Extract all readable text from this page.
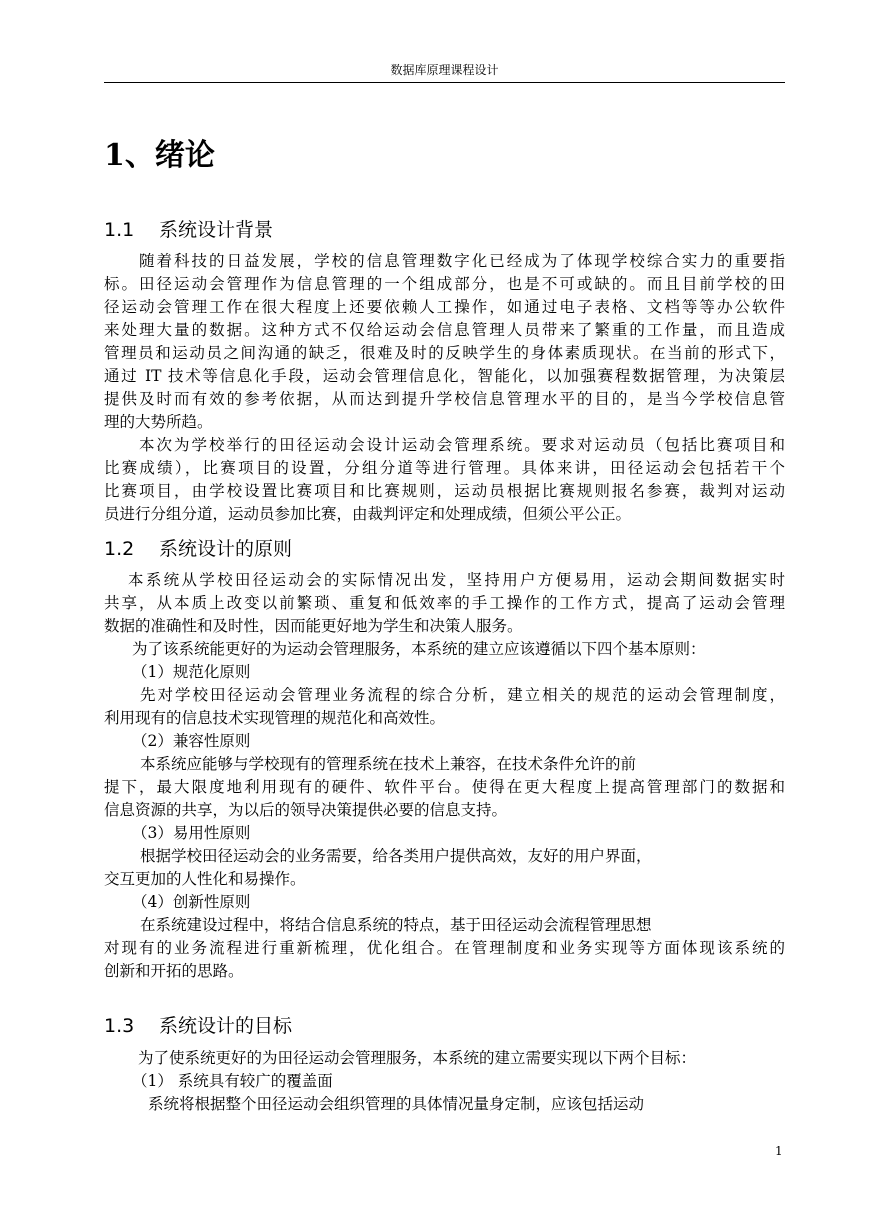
数据库原理课程设计
1、绪论
1.1 系统设计背景

随着科技的日益发展，学校的信息管理数字化已经成为了体现学校综合实力的重要指

标。田径运动会管理作为信息管理的一个组成部分，也是不可或缺的。而且目前学校的田

径运动会管理工作在很大程度上还要依赖人工操作，如通过电子表格、文档等等办公软件

来处理大量的数据。这种方式不仅给运动会信息管理人员带来了繁重的工作量，而且造成

管理员和运动员之间沟通的缺乏，很难及时的反映学生的身体素质现状。在当前的形式下，

通过 IT 技术等信息化手段，运动会管理信息化，智能化，以加强赛程数据管理，为决策层

提供及时而有效的参考依据，从而达到提升学校信息管理水平的目的，是当今学校信息管

理的大势所趋。

本次为学校举行的田径运动会设计运动会管理系统。要求对运动员（包括比赛项目和

比赛成绩），比赛项目的设置，分组分道等进行管理。具体来讲，田径运动会包括若干个

比赛项目，由学校设置比赛项目和比赛规则，运动员根据比赛规则报名参赛，裁判对运动

员进行分组分道，运动员参加比赛，由裁判评定和处理成绩，但须公平公正。

1.2 系统设计的原则

本系统从学校田径运动会的实际情况出发，坚持用户方便易用，运动会期间数据实时

共享，从本质上改变以前繁琐、重复和低效率的手工操作的工作方式，提高了运动会管理

数据的准确性和及时性，因而能更好地为学生和决策人服务。

为了该系统能更好的为运动会管理服务，本系统的建立应该遵循以下四个基本原则：

（1）规范化原则

先对学校田径运动会管理业务流程的综合分析，建立相关的规范的运动会管理制度，

利用现有的信息技术实现管理的规范化和高效性。

（2）兼容性原则

本系统应能够与学校现有的管理系统在技术上兼容，在技术条件允许的前

提下，最大限度地利用现有的硬件、软件平台。使得在更大程度上提高管理部门的数据和

信息资源的共享，为以后的领导决策提供必要的信息支持。

（3）易用性原则

根据学校田径运动会的业务需要，给各类用户提供高效，友好的用户界面，

交互更加的人性化和易操作。

（4）创新性原则

在系统建设过程中，将结合信息系统的特点，基于田径运动会流程管理思想

对现有的业务流程进行重新梳理，优化组合。在管理制度和业务实现等方面体现该系统的

创新和开拓的思路。

1.3 系统设计的目标

为了使系统更好的为田径运动会管理服务，本系统的建立需要实现以下两个目标：

（1） 系统具有较广的覆盖面

系统将根据整个田径运动会组织管理的具体情况量身定制，应该包括运动

1
